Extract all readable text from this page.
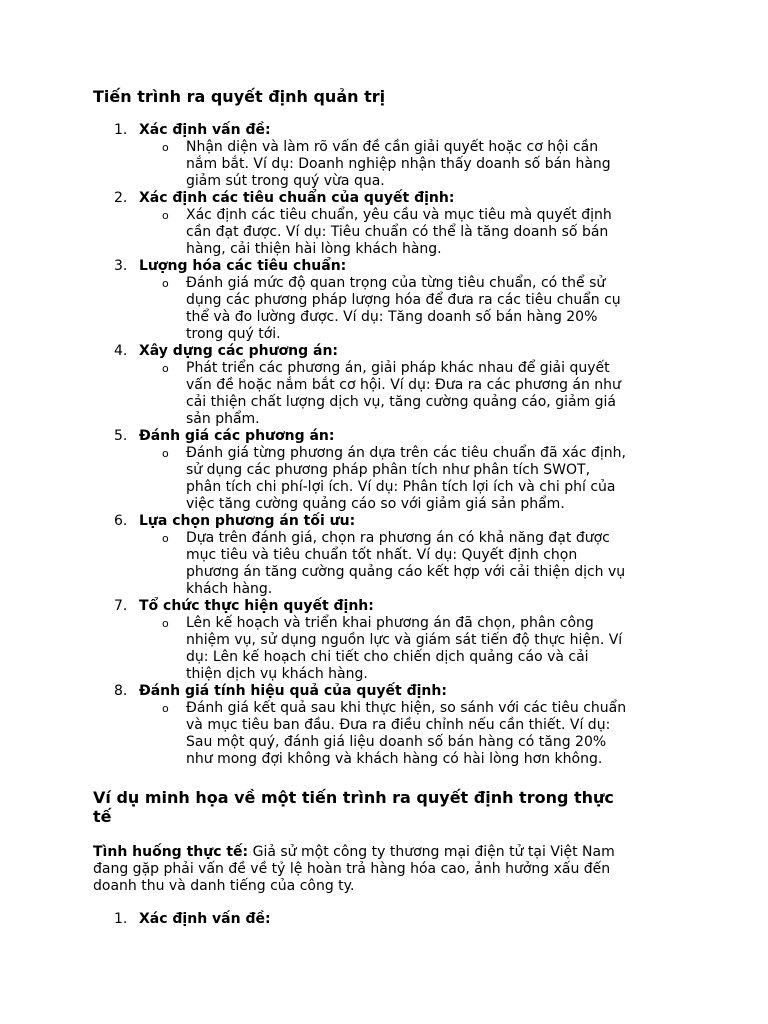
Tiến trình ra quyết định quản trị
1. Xác định vấn đề:
o Nhận diện và làm rõ vấn đề cần giải quyết hoặc cơ hội cần
nắm bắt. Ví dụ: Doanh nghiệp nhận thấy doanh số bán hàng
giảm sút trong quý vừa qua.
2. Xác định các tiêu chuẩn của quyết định:
o Xác định các tiêu chuẩn, yêu cầu và mục tiêu mà quyết định
cần đạt được. Ví dụ: Tiêu chuẩn có thể là tăng doanh số bán
hàng, cải thiện hài lòng khách hàng.
3. Lượng hóa các tiêu chuẩn:
o Đánh giá mức độ quan trọng của từng tiêu chuẩn, có thể sử
dụng các phương pháp lượng hóa để đưa ra các tiêu chuẩn cụ
thể và đo lường được. Ví dụ: Tăng doanh số bán hàng 20%
trong quý tới.
4. Xây dựng các phương án:
o Phát triển các phương án, giải pháp khác nhau để giải quyết
vấn đề hoặc nắm bắt cơ hội. Ví dụ: Đưa ra các phương án như
cải thiện chất lượng dịch vụ, tăng cường quảng cáo, giảm giá
sản phẩm.
5. Đánh giá các phương án:
o Đánh giá từng phương án dựa trên các tiêu chuẩn đã xác định,
sử dụng các phương pháp phân tích như phân tích SWOT,
phân tích chi phí-lợi ích. Ví dụ: Phân tích lợi ích và chi phí của
việc tăng cường quảng cáo so với giảm giá sản phẩm.
6. Lựa chọn phương án tối ưu:
o Dựa trên đánh giá, chọn ra phương án có khả năng đạt được
mục tiêu và tiêu chuẩn tốt nhất. Ví dụ: Quyết định chọn
phương án tăng cường quảng cáo kết hợp với cải thiện dịch vụ
khách hàng.
7. Tổ chức thực hiện quyết định:
o Lên kế hoạch và triển khai phương án đã chọn, phân công
nhiệm vụ, sử dụng nguồn lực và giám sát tiến độ thực hiện. Ví
dụ: Lên kế hoạch chi tiết cho chiến dịch quảng cáo và cải
thiện dịch vụ khách hàng.
8. Đánh giá tính hiệu quả của quyết định:
o Đánh giá kết quả sau khi thực hiện, so sánh với các tiêu chuẩn
và mục tiêu ban đầu. Đưa ra điều chỉnh nếu cần thiết. Ví dụ:
Sau một quý, đánh giá liệu doanh số bán hàng có tăng 20%
như mong đợi không và khách hàng có hài lòng hơn không.
Ví dụ minh họa về một tiến trình ra quyết định trong thực
tế
Tình huống thực tế: Giả sử một công ty thương mại điện tử tại Việt Nam
đang gặp phải vấn đề về tỷ lệ hoàn trả hàng hóa cao, ảnh hưởng xấu đến
doanh thu và danh tiếng của công ty.
1. Xác định vấn đề:
